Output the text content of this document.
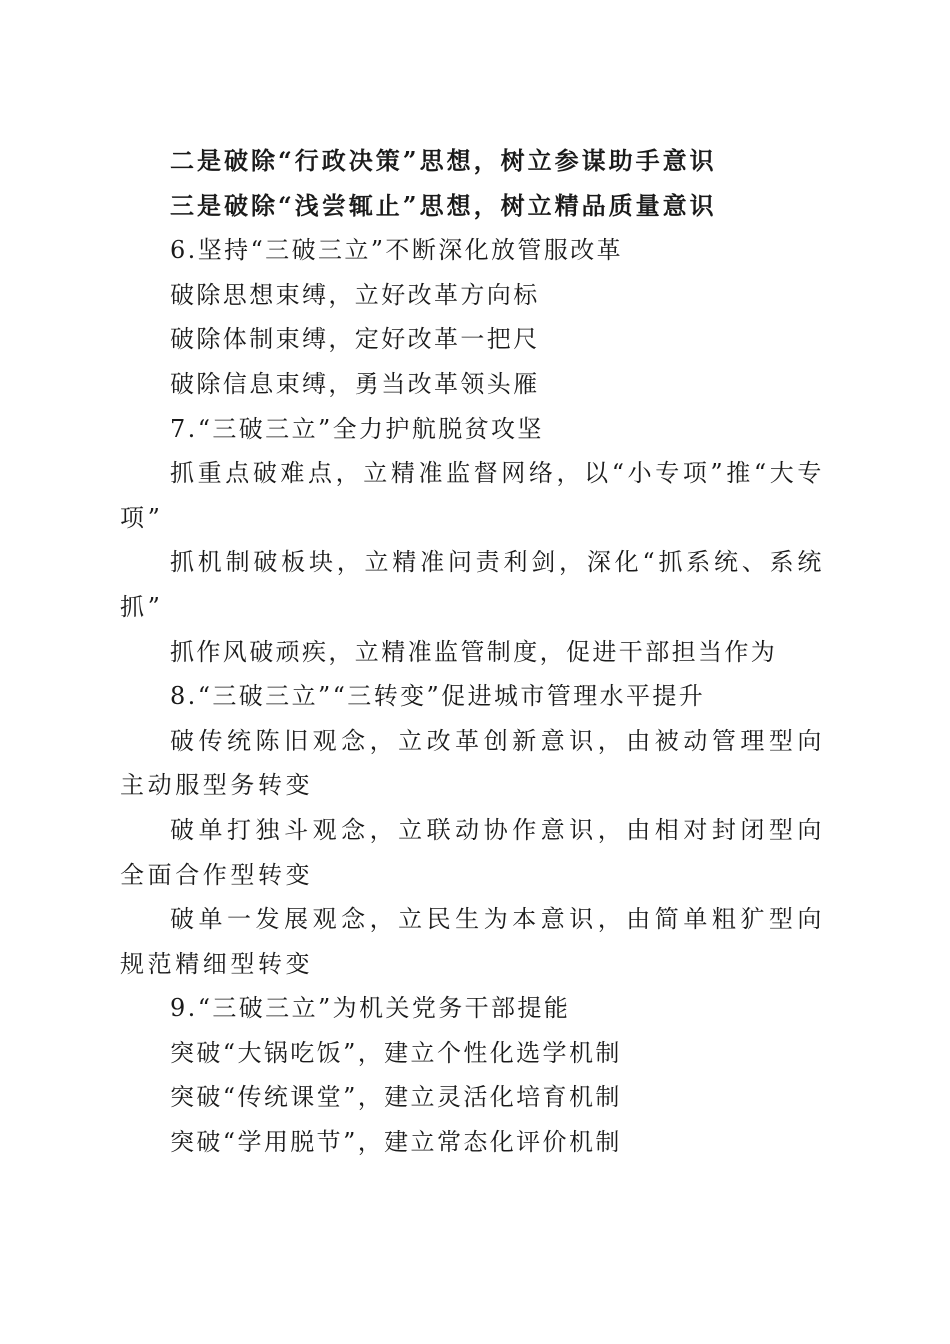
二是破除“行政决策”思想，树立参谋助手意识
三是破除“浅尝辄止”思想，树立精品质量意识
6.坚持“三破三立”不断深化放管服改革
破除思想束缚，立好改革方向标
破除体制束缚，定好改革一把尺
破除信息束缚，勇当改革领头雁
7.“三破三立”全力护航脱贫攻坚
抓重点破难点，立精准监督网络，以“小专项”推“大专项”
抓机制破板块，立精准问责利剑，深化“抓系统、系统抓”
抓作风破顽疾，立精准监管制度，促进干部担当作为
8.“三破三立”“三转变”促进城市管理水平提升
破传统陈旧观念，立改革创新意识，由被动管理型向主动服型务转变
破单打独斗观念，立联动协作意识，由相对封闭型向全面合作型转变
破单一发展观念，立民生为本意识，由简单粗犷型向规范精细型转变
9.“三破三立”为机关党务干部提能
突破“大锅吃饭”，建立个性化选学机制
突破“传统课堂”，建立灵活化培育机制
突破“学用脱节”，建立常态化评价机制
